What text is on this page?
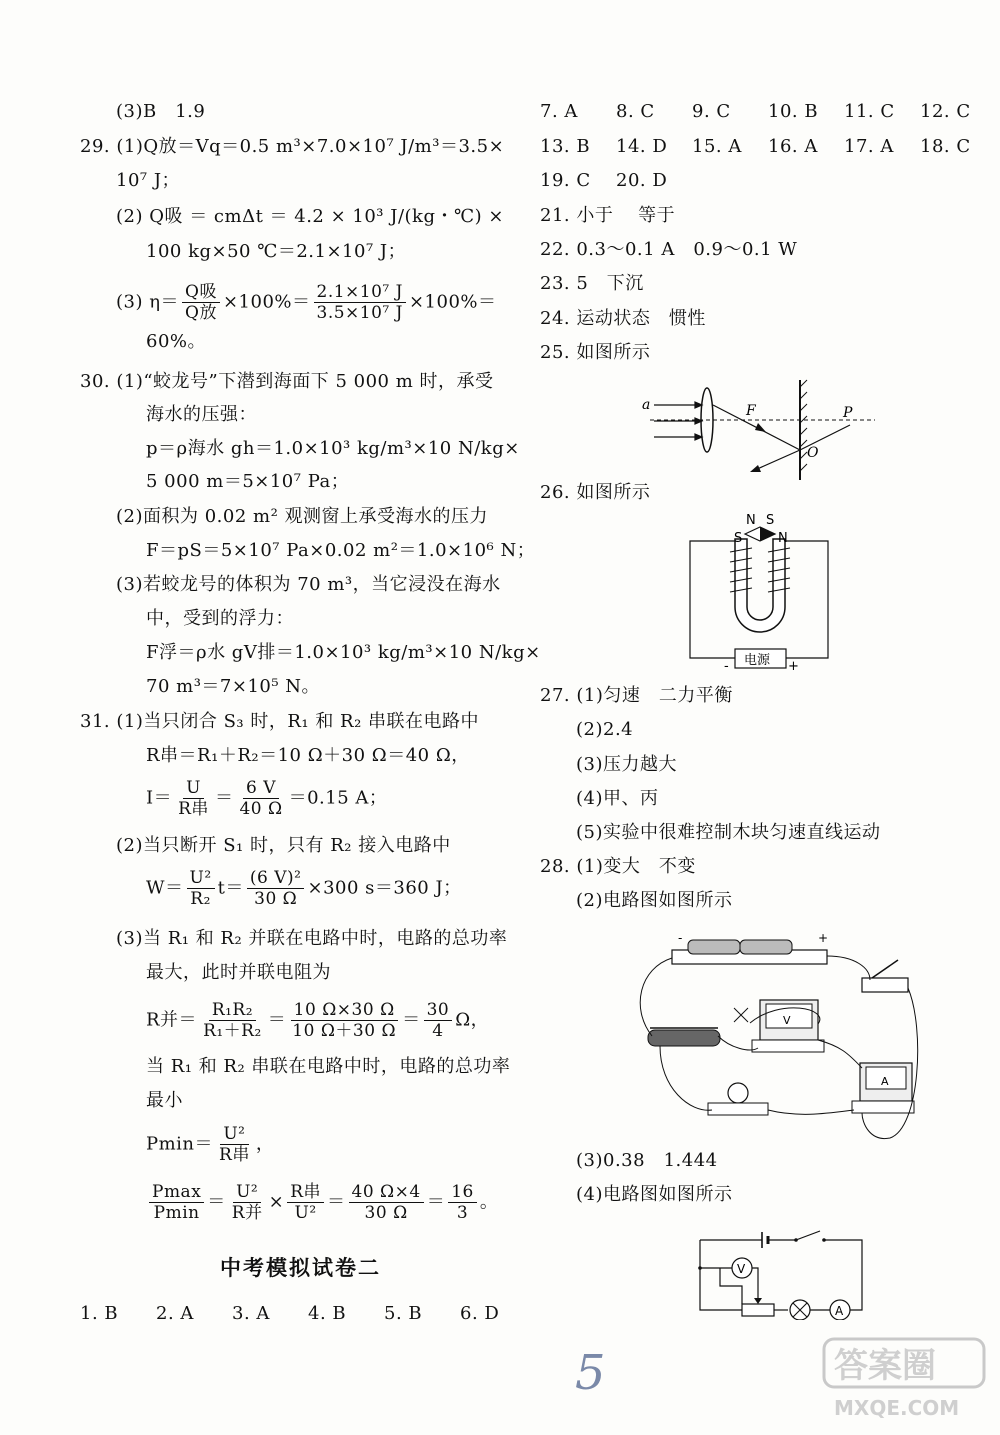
(3)B　1.9
29. (1)Q放＝Vq＝0.5 m³×7.0×10⁷ J/m³＝3.5×
10⁷ J；
(2) Q吸 ＝ cmΔt ＝ 4.2 × 10³ J/(kg・℃) ×
100 kg×50 ℃＝2.1×10⁷ J；
(3) $\eta= \frac{\text{Q吸}}{\text{Q放}} \times 100\%= \frac{\text{2.1×10⁷ J}}{\text{3.5×10⁷ J}} \times 100\%=$
60%。
30. (1)“蛟龙号”下潜到海面下 5 000 m 时，承受
海水的压强：
p＝ρ海水 gh＝1.0×10³ kg/m³×10 N/kg×
5 000 m＝5×10⁷ Pa；
(2)面积为 0.02 m² 观测窗上承受海水的压力
F＝pS＝5×10⁷ Pa×0.02 m²＝1.0×10⁶ N；
(3)若蛟龙号的体积为 70 m³，当它浸没在海水
中，受到的浮力：
F浮＝ρ水 gV排＝1.0×10³ kg/m³×10 N/kg×
70 m³＝7×10⁵ N。
31. (1)当只闭合 S₃ 时，R₁ 和 R₂ 串联在电路中
R串＝R₁＋R₂＝10 Ω＋30 Ω＝40 Ω，
$I= \frac{U}{\text{R串}} = \frac{6 V}{40 \Omega} =0.15$ A；
(2)当只断开 S₁ 时，只有 R₂ 接入电路中
$W= \frac{\text{U²}}{\text{R₂}} t= \frac{\text{(6 V)²}}{30 \Omega} \times 300$ s＝360 J；
(3)当 R₁ 和 R₂ 并联在电路中时，电路的总功率
最大，此时并联电阻为
R并＝ $\frac{\text{R₁R₂}}{\text{R₁＋R₂}} = \frac{10 \Omega\times 30 \Omega}{10 \Omega+30 \Omega} = \frac{30}{4}$ Ω，
当 R₁ 和 R₂ 串联在电路中时，电路的总功率
最小
$Pmin= \frac{\text{U²}}{\text{R串}}$ ，
$\frac{Pmax}{Pmin} = \frac{\text{U²}}{\text{R并}} \times \frac{\text{R串}}{\text{U²}} = \frac{40 \Omega\times 4}{30 \Omega} = \frac{16}{3}$ 。
中考模拟试卷二
1. B 2. A 3. A 4. B 5. B 6. D
7. A 8. C 9. C 10. B 11. C 12. C
13. B 14. D 15. A 16. A 17. A 18. C
19. C 20. D
21. 小于　 等于
22. 0.3～0.1 A　0.9～0.1 W
23. 5　下沉
24. 运动状态　惯性
25. 如图所示
26. 如图所示
27. (1)匀速　二力平衡
(2)2.4
(3)压力越大
(4)甲、丙
(5)实验中很难控制木块匀速直线运动
28. (1)变大　不变
(2)电路图如图所示
(3)0.38　1.444
(4)电路图如图所示
a	F	P
O
电源
-	+
N S
S	N
-	+
V
A
A
V
5	答案圈
MXQE.COM
